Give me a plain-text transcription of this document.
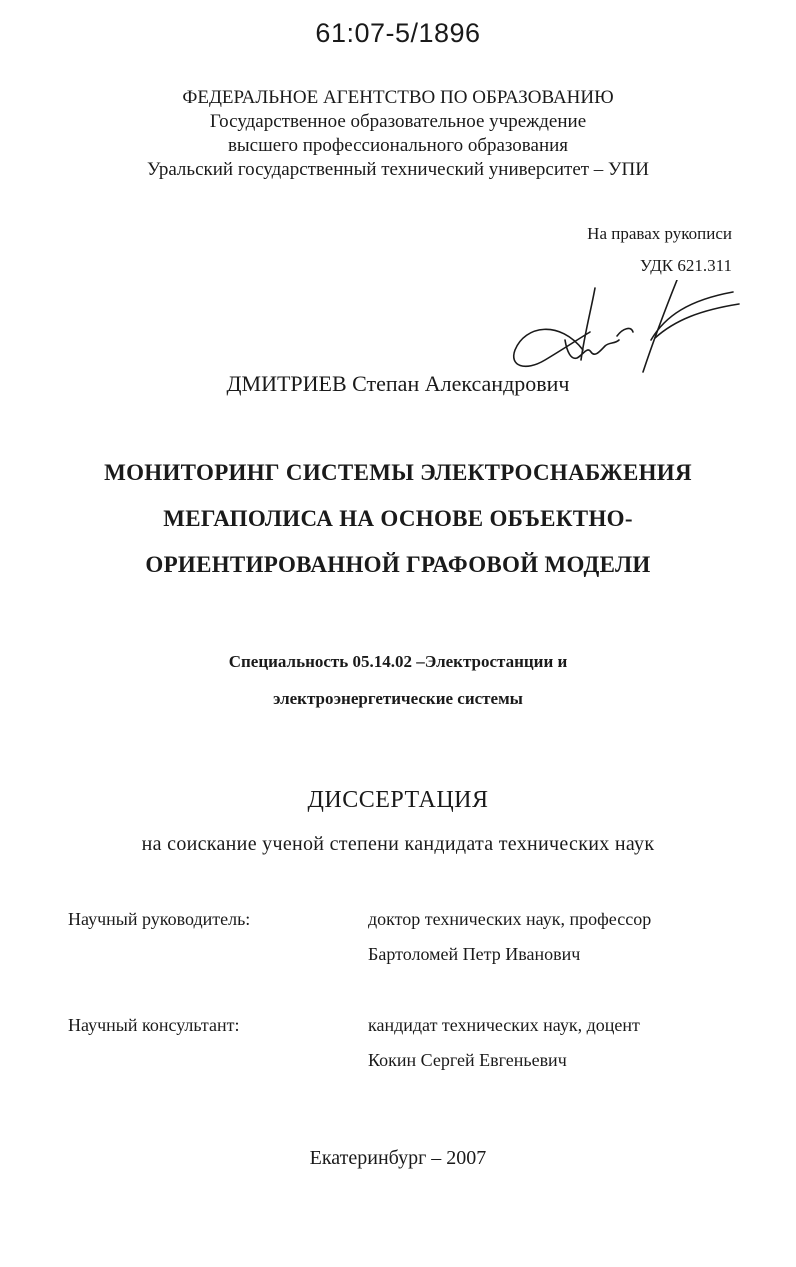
61:07-5/1896
ФЕДЕРАЛЬНОЕ АГЕНТСТВО ПО ОБРАЗОВАНИЮ
Государственное образовательное учреждение
высшего профессионального образования
Уральский государственный технический университет – УПИ
На правах рукописи
УДК 621.311
ДМИТРИЕВ Степан Александрович
МОНИТОРИНГ СИСТЕМЫ ЭЛЕКТРОСНАБЖЕНИЯ
МЕГАПОЛИСА НА ОСНОВЕ ОБЪЕКТНО-
ОРИЕНТИРОВАННОЙ ГРАФОВОЙ МОДЕЛИ
Специальность 05.14.02 –Электростанции и
электроэнергетические системы
ДИССЕРТАЦИЯ
на соискание ученой степени кандидата технических наук
Научный руководитель:	доктор технических наук, профессор
Бартоломей Петр Иванович
Научный консультант:	кандидат технических наук, доцент
Кокин Сергей Евгеньевич
Екатеринбург – 2007
